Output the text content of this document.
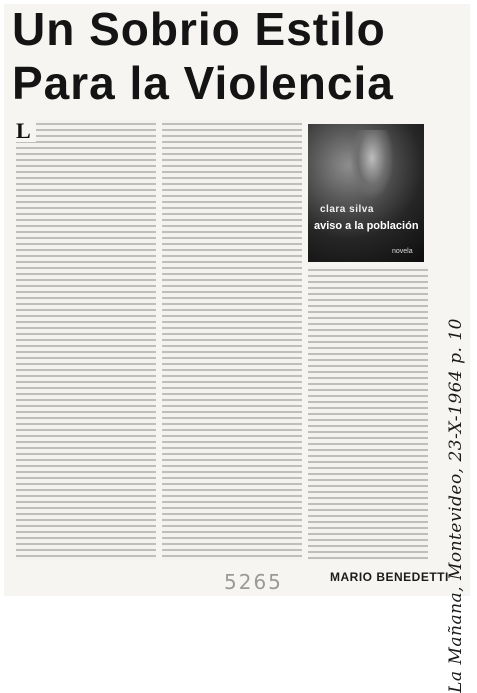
Un Sobrio Estilo
Para la Violencia
L
clara silva
aviso a la población
novela
MARIO BENEDETTI
La Mañana, Montevideo, 23-X-1964 p. 10
5265
